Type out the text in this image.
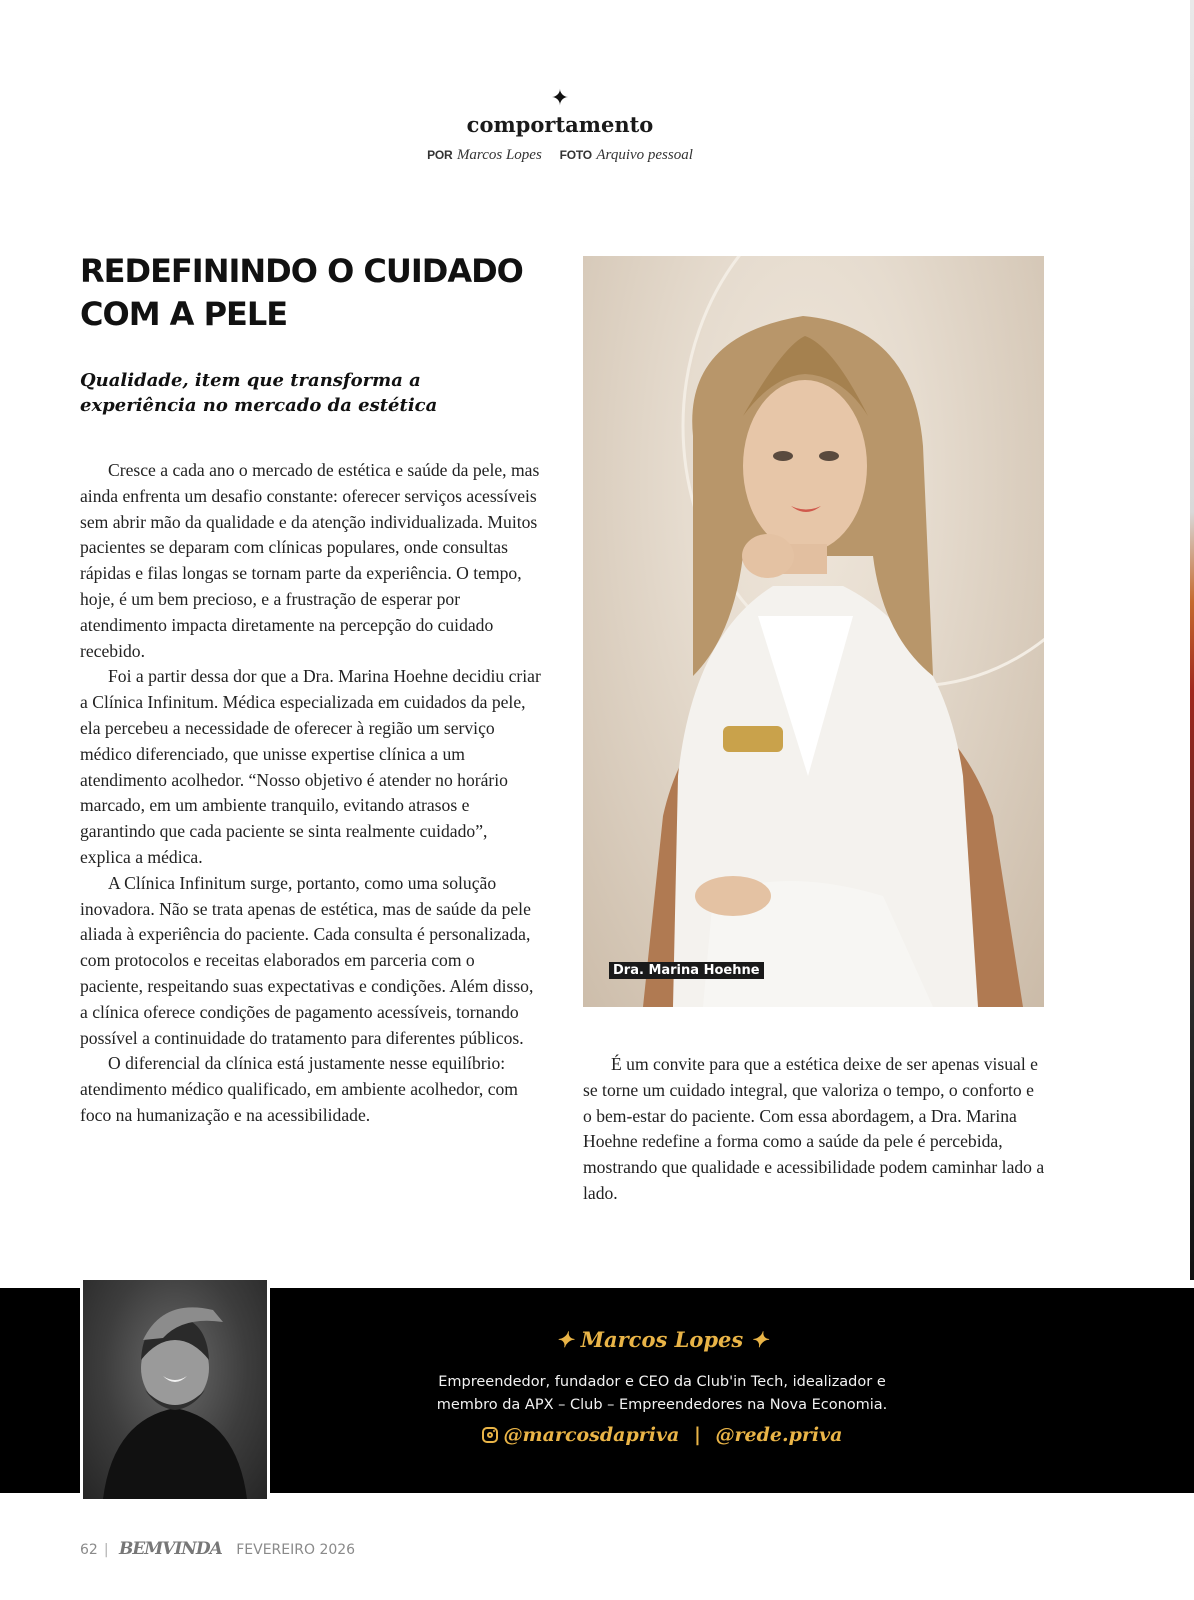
✦
comportamento
POR Marcos Lopes FOTO Arquivo pessoal
REDEFININDO O CUIDADO
COM A PELE
Qualidade, item que transforma a
experiência no mercado da estética

Cresce a cada ano o mercado de estética e saúde da pele, mas ainda enfrenta um desafio constante: oferecer serviços acessíveis sem abrir mão da qualidade e da atenção individualizada. Muitos pacientes se deparam com clínicas populares, onde consultas rápidas e filas longas se tornam parte da experiência. O tempo, hoje, é um bem precioso, e a frustração de esperar por atendimento impacta diretamente na percepção do cuidado recebido.

Foi a partir dessa dor que a Dra. Marina Hoehne decidiu criar a Clínica Infinitum. Médica especializada em cuidados da pele, ela percebeu a necessidade de oferecer à região um serviço médico diferenciado, que unisse expertise clínica a um atendimento acolhedor. “Nosso objetivo é atender no horário marcado, em um ambiente tranquilo, evitando atrasos e garantindo que cada paciente se sinta realmente cuidado”, explica a médica.

A Clínica Infinitum surge, portanto, como uma solução inovadora. Não se trata apenas de estética, mas de saúde da pele aliada à experiência do paciente. Cada consulta é personalizada, com protocolos e receitas elaborados em parceria com o paciente, respeitando suas expectativas e condições. Além disso, a clínica oferece condições de pagamento acessíveis, tornando possível a continuidade do tratamento para diferentes públicos.

O diferencial da clínica está justamente nesse equilíbrio: atendimento médico qualificado, em ambiente acolhedor, com foco na humanização e na acessibilidade.

Dra. Marina Hoehne

É um convite para que a estética deixe de ser apenas visual e se torne um cuidado integral, que valoriza o tempo, o conforto e o bem-estar do paciente. Com essa abordagem, a Dra. Marina Hoehne redefine a forma como a saúde da pele é percebida, mostrando que qualidade e acessibilidade podem caminhar lado a lado.

✦ Marcos Lopes ✦
Empreendedor, fundador e CEO da Club'in Tech, idealizador e
membro da APX – Club – Empreendedores na Nova Economia.
@marcosdapriva | @rede.priva
62 | BEMVINDA FEVEREIRO 2026
